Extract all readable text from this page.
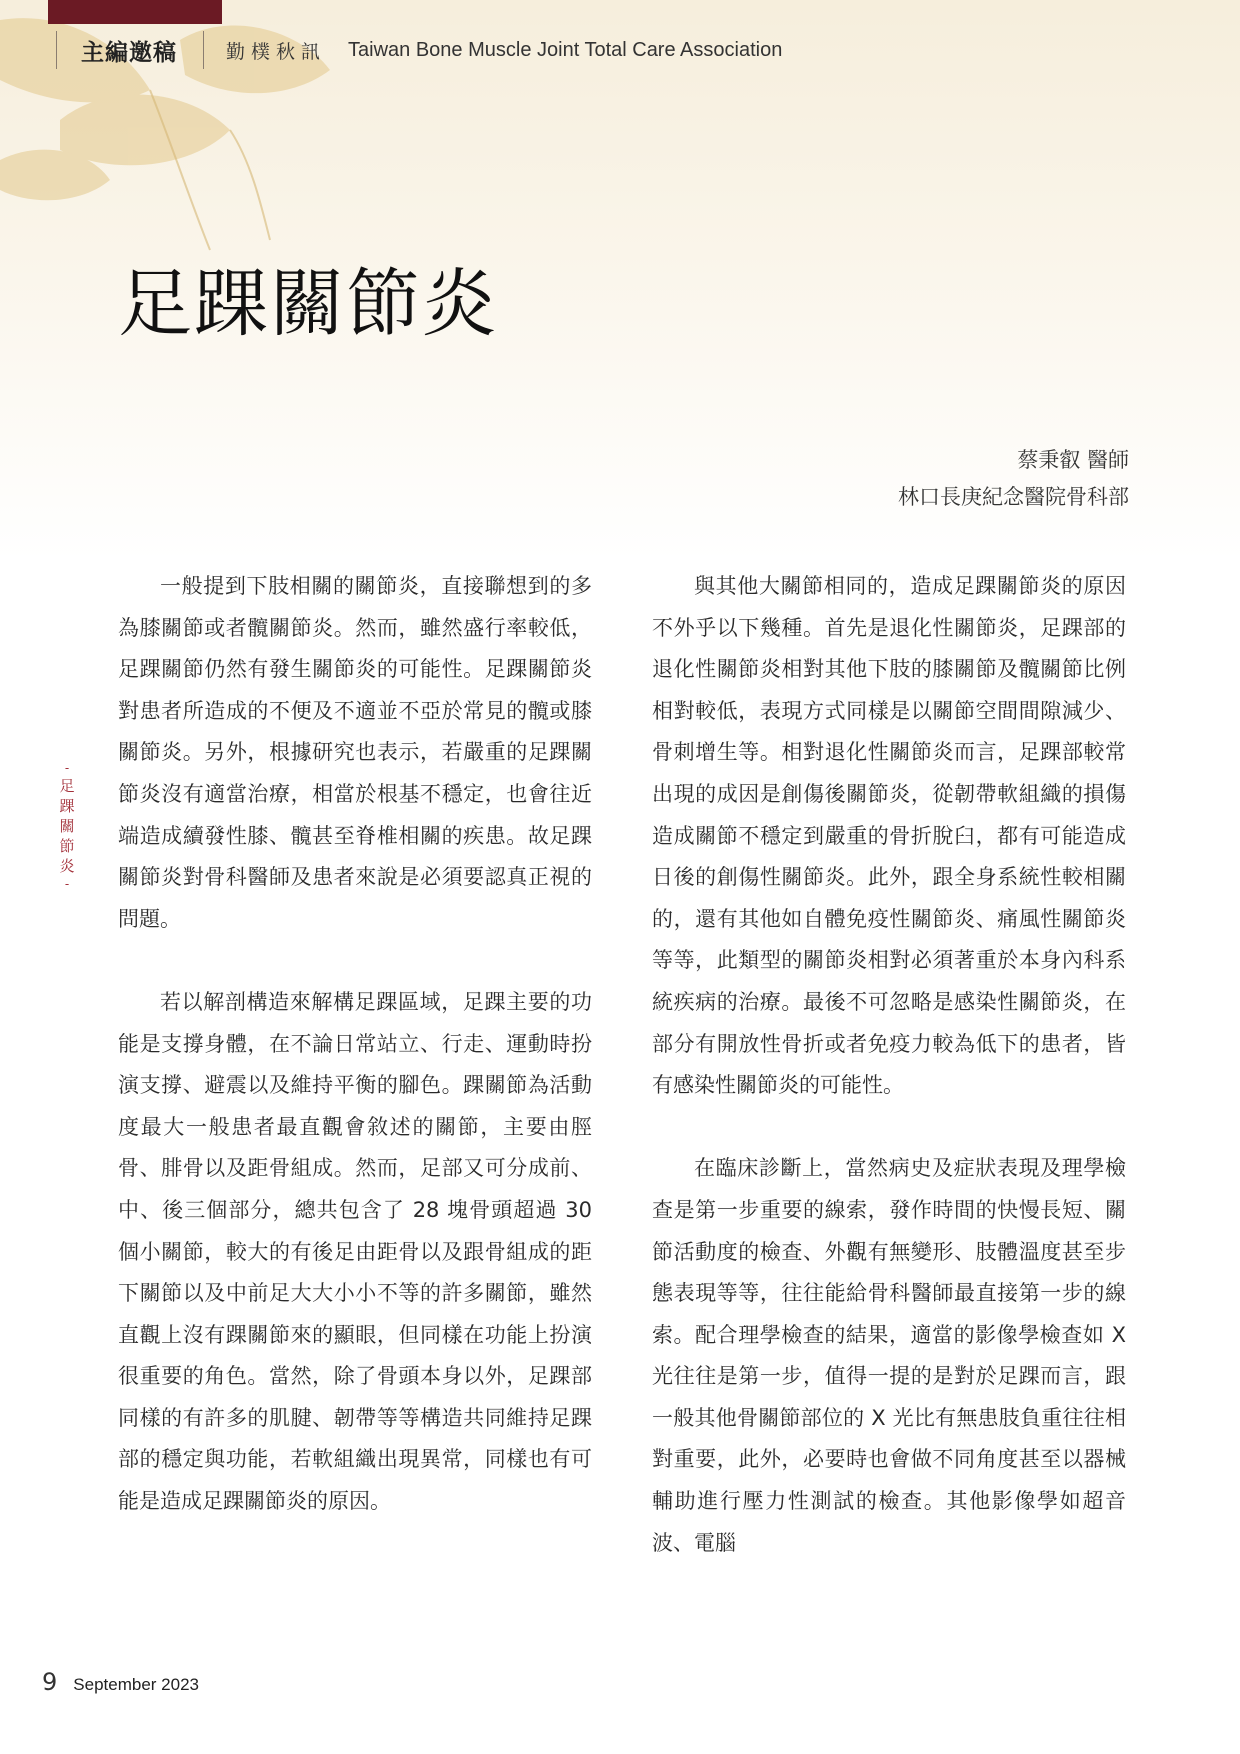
主編邀稿	勤樸秋訊	Taiwan Bone Muscle Joint Total Care Association
足踝關節炎
蔡秉叡 醫師
林口長庚紀念醫院骨科部
-
足
踝
關
節
炎
-

一般提到下肢相關的關節炎，直接聯想到的多為膝關節或者髖關節炎。然而，雖然盛行率較低，足踝關節仍然有發生關節炎的可能性。足踝關節炎對患者所造成的不便及不適並不亞於常見的髖或膝關節炎。另外，根據研究也表示，若嚴重的足踝關節炎沒有適當治療，相當於根基不穩定，也會往近端造成續發性膝、髖甚至脊椎相關的疾患。故足踝關節炎對骨科醫師及患者來說是必須要認真正視的問題。

若以解剖構造來解構足踝區域，足踝主要的功能是支撐身體，在不論日常站立、行走、運動時扮演支撐、避震以及維持平衡的腳色。踝關節為活動度最大一般患者最直觀會敘述的關節，主要由脛骨、腓骨以及距骨組成。然而，足部又可分成前、中、後三個部分，總共包含了 28 塊骨頭超過 30 個小關節，較大的有後足由距骨以及跟骨組成的距下關節以及中前足大大小小不等的許多關節，雖然直觀上沒有踝關節來的顯眼，但同樣在功能上扮演很重要的角色。當然，除了骨頭本身以外，足踝部同樣的有許多的肌腱、韌帶等等構造共同維持足踝部的穩定與功能，若軟組織出現異常，同樣也有可能是造成足踝關節炎的原因。

與其他大關節相同的，造成足踝關節炎的原因不外乎以下幾種。首先是退化性關節炎，足踝部的退化性關節炎相對其他下肢的膝關節及髖關節比例相對較低，表現方式同樣是以關節空間間隙減少、骨刺增生等。相對退化性關節炎而言，足踝部較常出現的成因是創傷後關節炎，從韌帶軟組織的損傷造成關節不穩定到嚴重的骨折脫臼，都有可能造成日後的創傷性關節炎。此外，跟全身系統性較相關的，還有其他如自體免疫性關節炎、痛風性關節炎等等，此類型的關節炎相對必須著重於本身內科系統疾病的治療。最後不可忽略是感染性關節炎，在部分有開放性骨折或者免疫力較為低下的患者，皆有感染性關節炎的可能性。

在臨床診斷上，當然病史及症狀表現及理學檢查是第一步重要的線索，發作時間的快慢長短、關節活動度的檢查、外觀有無變形、肢體溫度甚至步態表現等等，往往能給骨科醫師最直接第一步的線索。配合理學檢查的結果，適當的影像學檢查如 X 光往往是第一步，值得一提的是對於足踝而言，跟一般其他骨關節部位的 X 光比有無患肢負重往往相對重要，此外，必要時也會做不同角度甚至以器械輔助進行壓力性測試的檢查。其他影像學如超音波、電腦

9 September 2023
